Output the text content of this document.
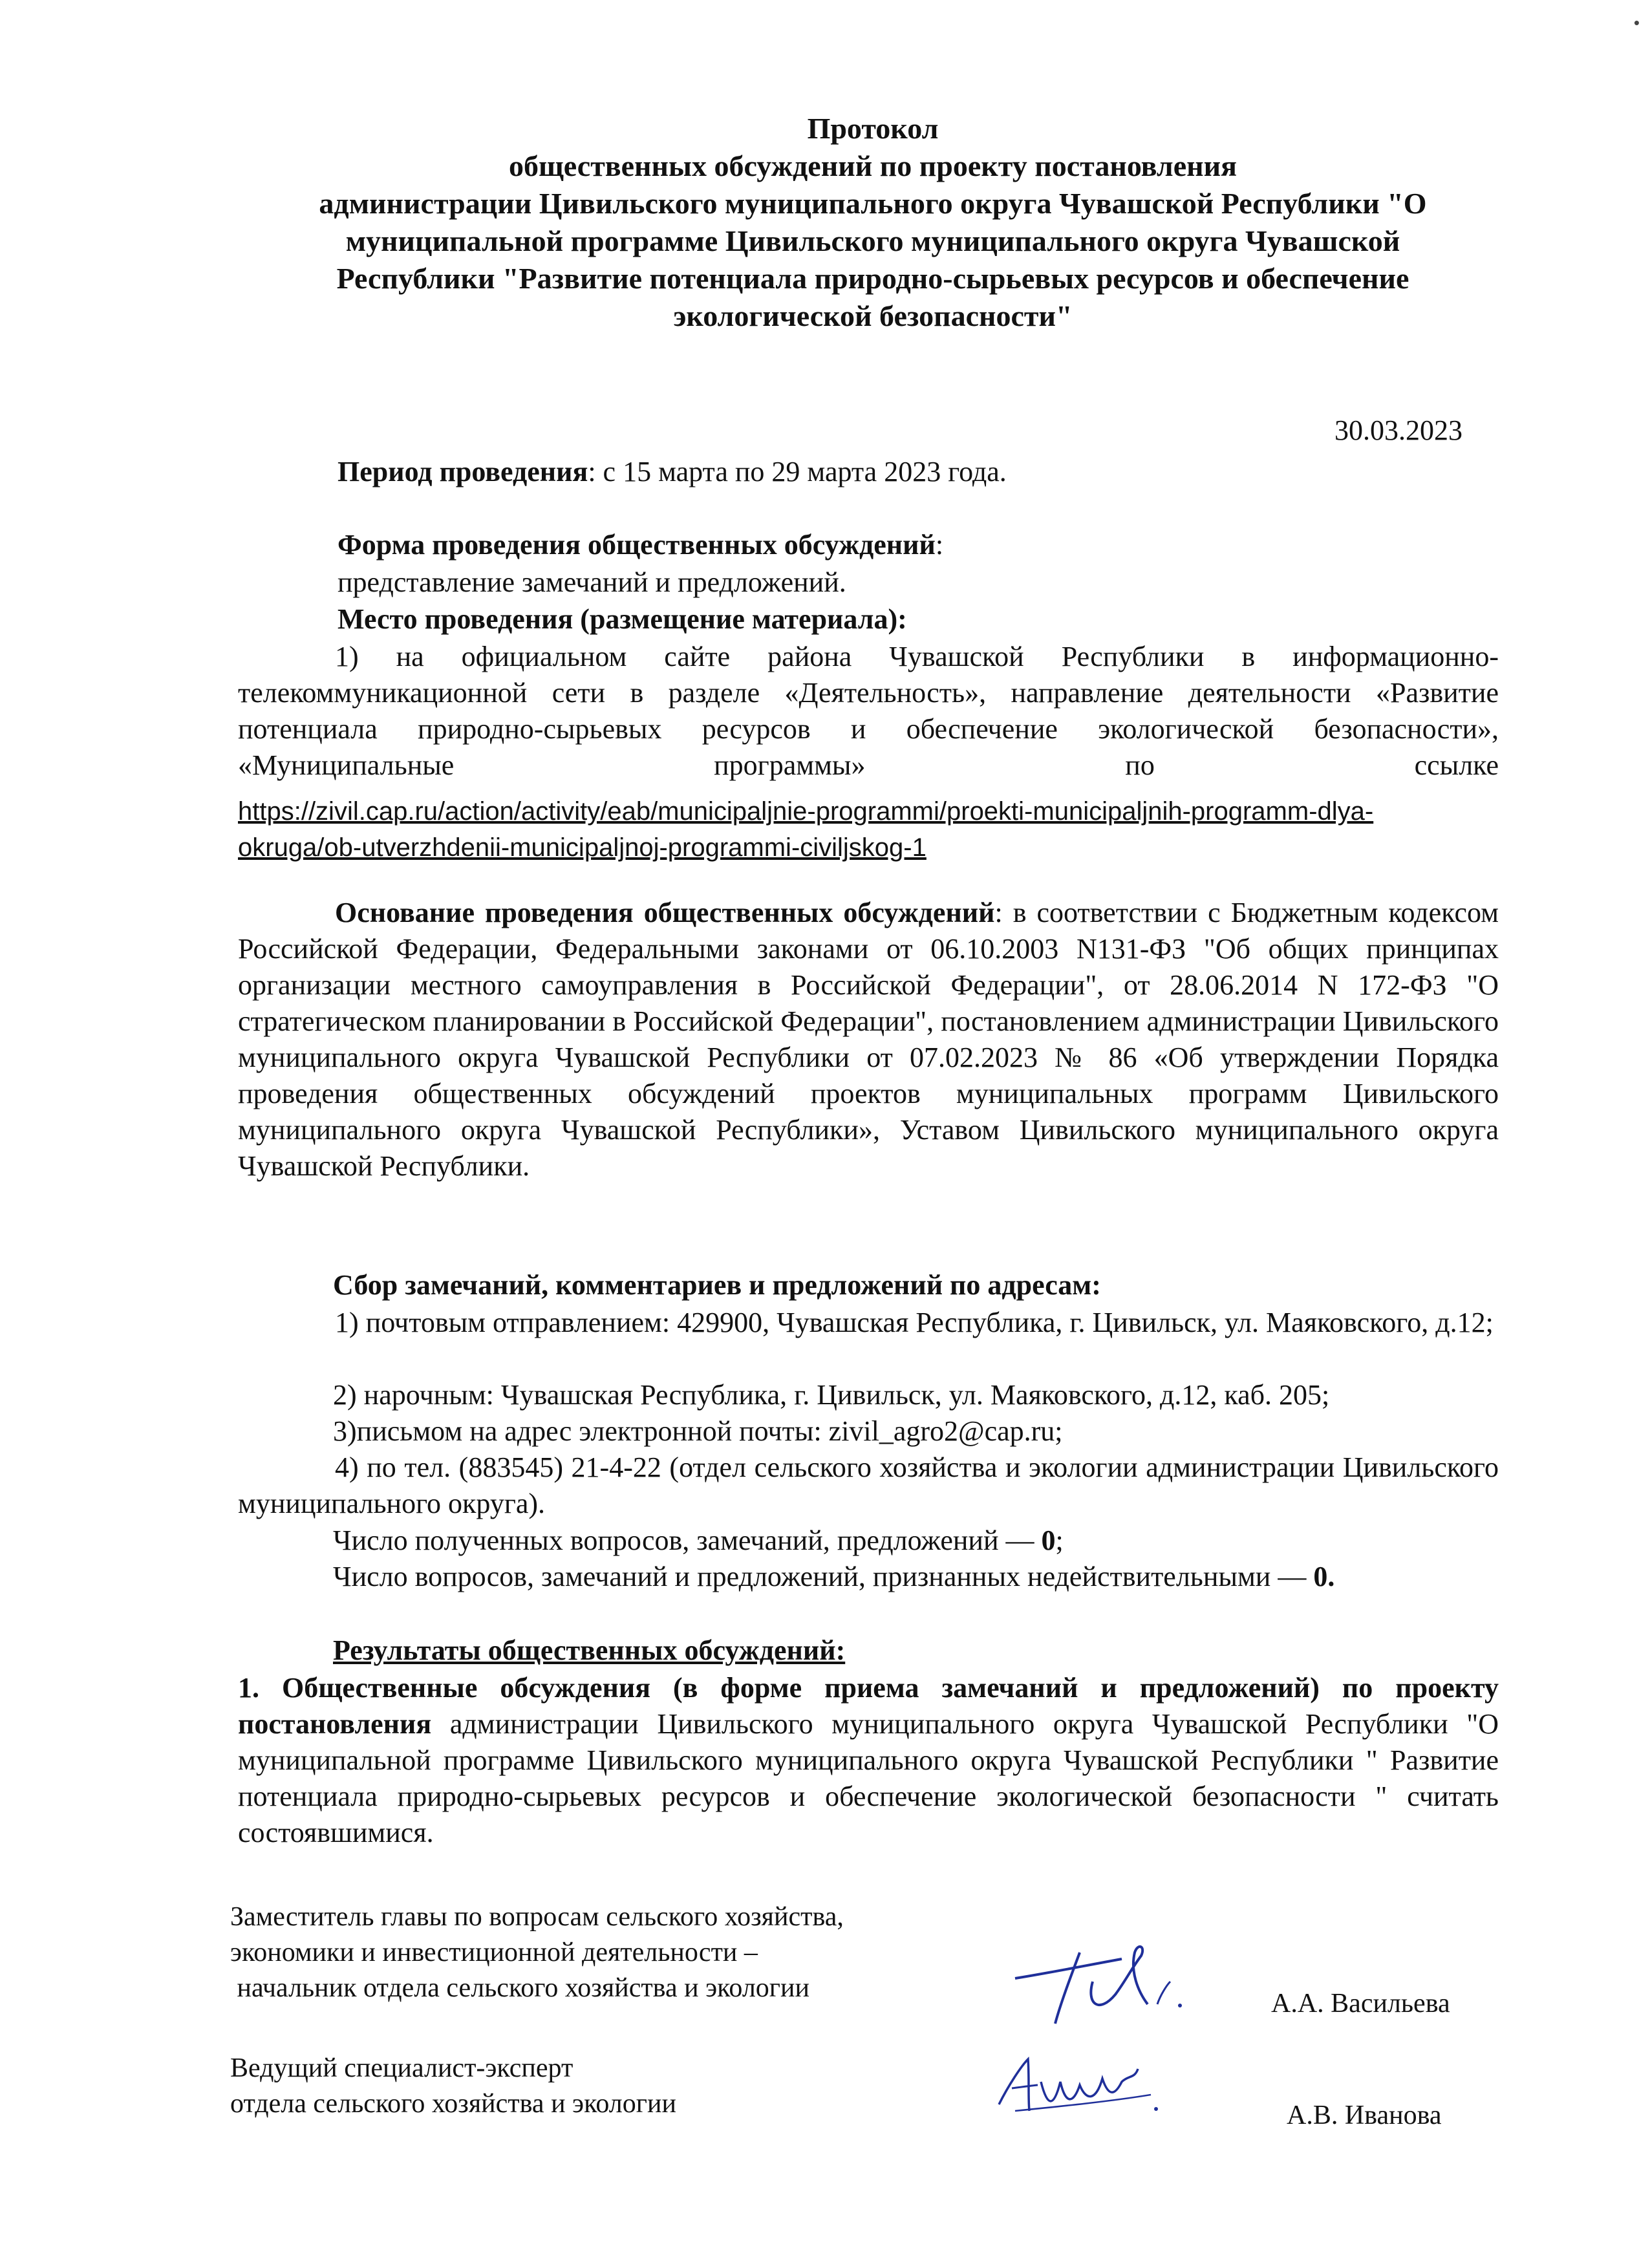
•
Протокол
общественных обсуждений по проекту постановления
администрации Цивильского муниципального округа Чувашской Республики "О
муниципальной программе Цивильского муниципального округа Чувашской
Республики "Развитие потенциала природно-сырьевых ресурсов и обеспечение
экологической безопасности"
30.03.2023
Период проведения: с 15 марта по 29 марта 2023 года.
Форма проведения общественных обсуждений:
представление замечаний и предложений.
Место проведения (размещение материала):
1) на официальном сайте района Чувашской Республики в информационно-телекоммуникационной сети в разделе «Деятельность», направление деятельности «Развитие потенциала природно-сырьевых ресурсов и обеспечение экологической безопасности», «Муниципальные программы» по ссылке
https://zivil.cap.ru/action/activity/eab/municipaljnie-programmi/proekti-municipaljnih-programm-dlya-
okruga/ob-utverzhdenii-municipaljnoj-programmi-civiljskog-1
Основание проведения общественных обсуждений: в соответствии с Бюджетным кодексом Российской Федерации, Федеральными законами от 06.10.2003 N131-ФЗ "Об общих принципах организации местного самоуправления в Российской Федерации", от 28.06.2014 N 172-ФЗ "О стратегическом планировании в Российской Федерации", постановлением администрации Цивильского муниципального округа Чувашской Республики от 07.02.2023 № 86 «Об утверждении Порядка проведения общественных обсуждений проектов муниципальных программ Цивильского муниципального округа Чувашской Республики», Уставом Цивильского муниципального округа Чувашской Республики.
Сбор замечаний, комментариев и предложений по адресам:
1) почтовым отправлением: 429900, Чувашская Республика, г. Цивильск, ул. Маяковского, д.12;
2) нарочным: Чувашская Республика, г. Цивильск, ул. Маяковского, д.12, каб. 205;
3)письмом на адрес электронной почты: zivil_agro2@cap.ru;
4) по тел. (883545) 21-4-22 (отдел сельского хозяйства и экологии администрации Цивильского муниципального округа).
Число полученных вопросов, замечаний, предложений — 0;
Число вопросов, замечаний и предложений, признанных недействительными — 0.
Результаты общественных обсуждений:
1. Общественные обсуждения (в форме приема замечаний и предложений) по проекту постановления администрации Цивильского муниципального округа Чувашской Республики "О муниципальной программе Цивильского муниципального округа Чувашской Республики " Развитие потенциала природно-сырьевых ресурсов и обеспечение экологической безопасности " считать состоявшимися.
Заместитель главы по вопросам сельского хозяйства,
экономики и инвестиционной деятельности –
начальник отдела сельского хозяйства и экологии
А.А. Васильева
Ведущий специалист-эксперт
отдела сельского хозяйства и экологии	А.В. Иванова
